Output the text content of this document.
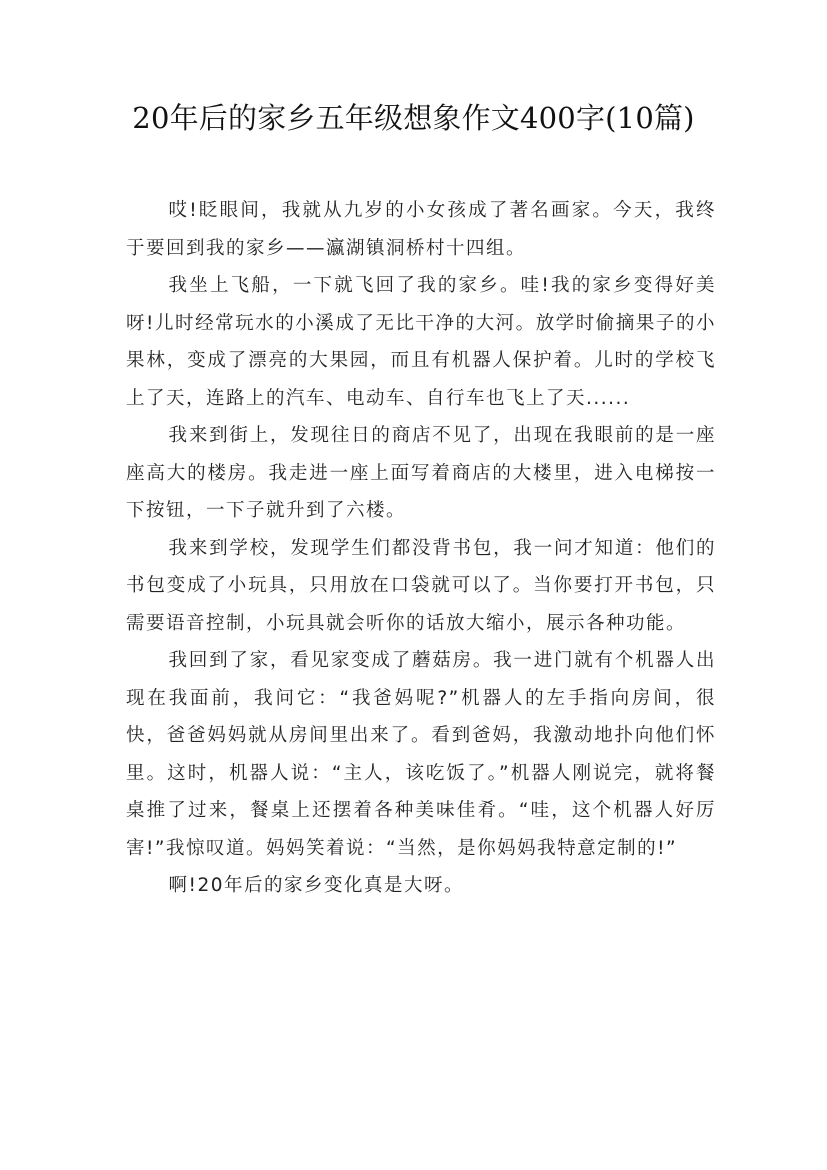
20年后的家乡五年级想象作文400字(10篇)

哎!眨眼间，我就从九岁的小女孩成了著名画家。今天，我终于要回到我的家乡——瀛湖镇洞桥村十四组。

我坐上飞船，一下就飞回了我的家乡。哇!我的家乡变得好美呀!儿时经常玩水的小溪成了无比干净的大河。放学时偷摘果子的小果林，变成了漂亮的大果园，而且有机器人保护着。儿时的学校飞上了天，连路上的汽车、电动车、自行车也飞上了天......

我来到街上，发现往日的商店不见了，出现在我眼前的是一座座高大的楼房。我走进一座上面写着商店的大楼里，进入电梯按一下按钮，一下子就升到了六楼。

我来到学校，发现学生们都没背书包，我一问才知道：他们的书包变成了小玩具，只用放在口袋就可以了。当你要打开书包，只需要语音控制，小玩具就会听你的话放大缩小，展示各种功能。

我回到了家，看见家变成了蘑菇房。我一进门就有个机器人出现在我面前，我问它：“我爸妈呢?”机器人的左手指向房间，很快，爸爸妈妈就从房间里出来了。看到爸妈，我激动地扑向他们怀里。这时，机器人说：“主人，该吃饭了。”机器人刚说完，就将餐桌推了过来，餐桌上还摆着各种美味佳肴。“哇，这个机器人好厉害!”我惊叹道。妈妈笑着说：“当然，是你妈妈我特意定制的!”

啊!20年后的家乡变化真是大呀。
